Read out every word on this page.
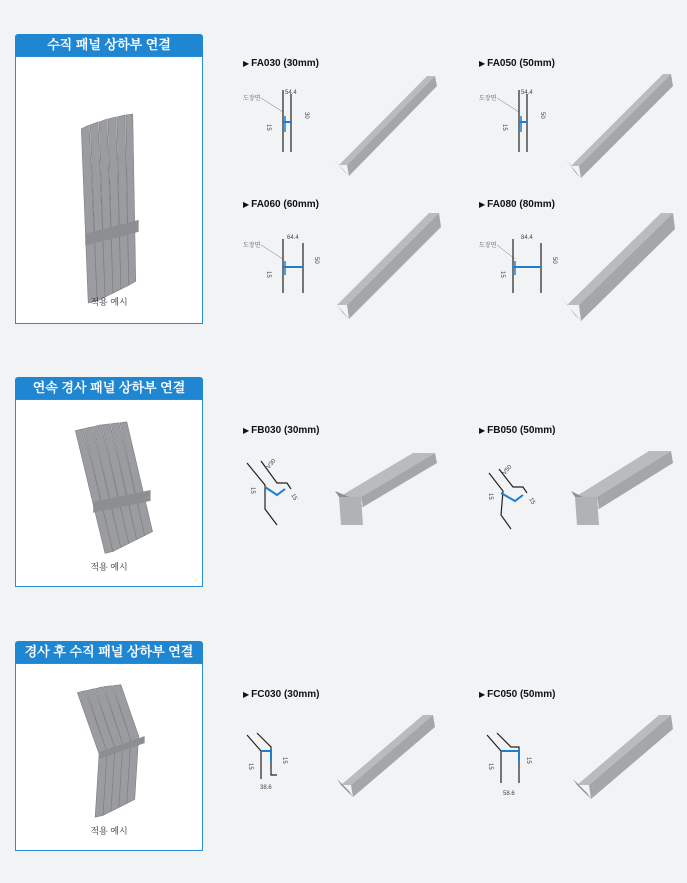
수직 패널 상하부 연결
적용 예시
▶ FA030 (30mm)
도장면
54.4
30
15
▶ FA050 (50mm)
도장면
54.4
50
15
▶ FA060 (60mm)
도장면
64.4
50
15
▶ FA080 (80mm)
도장면
84.4
50
15
연속 경사 패널 상하부 연결
적용 예시
▶ FB030 (30mm)
V30
15
15
▶ FB050 (50mm)
V50
15
15
경사 후 수직 패널 상하부 연결
적용 예시
▶ FC030 (30mm)
15
15
38.6
▶ FC050 (50mm)
15
15
58.6
